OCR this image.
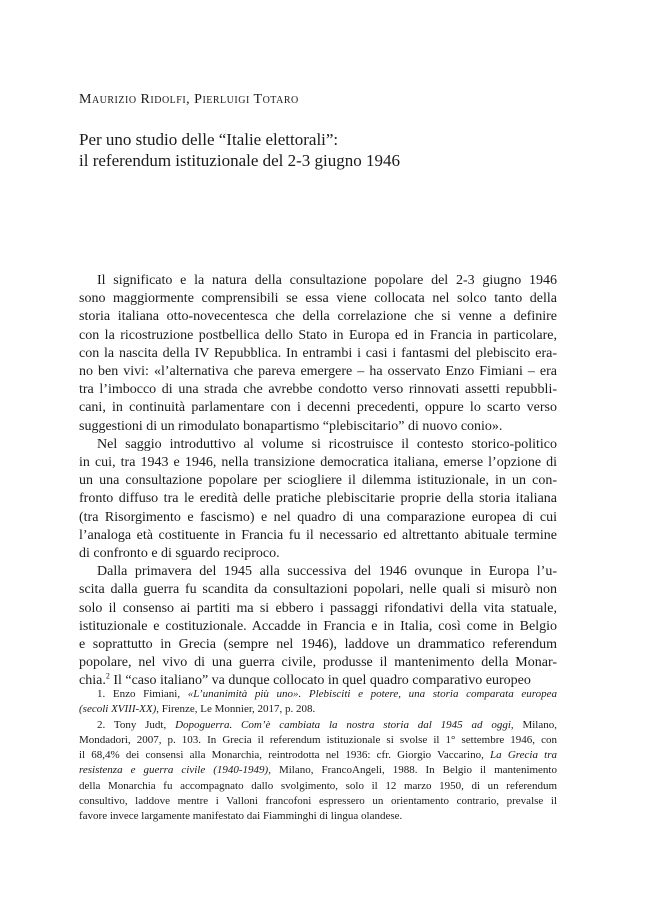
Maurizio Ridolfi, Pierluigi Totaro
Per uno studio delle “Italie elettorali”:
il referendum istituzionale del 2-3 giugno 1946

Il significato e la natura della consultazione popolare del 2-3 giugno 1946
sono maggiormente comprensibili se essa viene collocata nel solco tanto della
storia italiana otto-novecentesca che della correlazione che si venne a definire
con la ricostruzione postbellica dello Stato in Europa ed in Francia in particolare,
con la nascita della IV Repubblica. In entrambi i casi i fantasmi del plebiscito era-
no ben vivi: «l’alternativa che pareva emergere – ha osservato Enzo Fimiani – era
tra l’imbocco di una strada che avrebbe condotto verso rinnovati assetti repubbli-
cani, in continuità parlamentare con i decenni precedenti, oppure lo scarto verso
suggestioni di un rimodulato bonapartismo “plebiscitario” di nuovo conio».

Nel saggio introduttivo al volume si ricostruisce il contesto storico-politico
in cui, tra 1943 e 1946, nella transizione democratica italiana, emerse l’opzione di
un una consultazione popolare per sciogliere il dilemma istituzionale, in un con-
fronto diffuso tra le eredità delle pratiche plebiscitarie proprie della storia italiana
(tra Risorgimento e fascismo) e nel quadro di una comparazione europea di cui
l’analoga età costituente in Francia fu il necessario ed altrettanto abituale termine
di confronto e di sguardo reciproco.

Dalla primavera del 1945 alla successiva del 1946 ovunque in Europa l’u-
scita dalla guerra fu scandita da consultazioni popolari, nelle quali si misurò non
solo il consenso ai partiti ma si ebbero i passaggi rifondativi della vita statuale,
istituzionale e costituzionale. Accadde in Francia e in Italia, così come in Belgio
e soprattutto in Grecia (sempre nel 1946), laddove un drammatico referendum
popolare, nel vivo di una guerra civile, produsse il mantenimento della Monar-
chia.$^2$ Il “caso italiano” va dunque collocato in quel quadro comparativo europeo

1. Enzo Fimiani, «L’unanimità più uno». Plebisciti e potere, una storia comparata europea
(secoli XVIII-XX), Firenze, Le Monnier, 2017, p. 208.
2. Tony Judt, Dopoguerra. Com’è cambiata la nostra storia dal 1945 ad oggi, Milano,
Mondadori, 2007, p. 103. In Grecia il referendum istituzionale si svolse il 1° settembre 1946, con
il 68,4% dei consensi alla Monarchia, reintrodotta nel 1936: cfr. Giorgio Vaccarino, La Grecia tra
resistenza e guerra civile (1940-1949), Milano, FrancoAngeli, 1988. In Belgio il mantenimento
della Monarchia fu accompagnato dallo svolgimento, solo il 12 marzo 1950, di un referendum
consultivo, laddove mentre i Valloni francofoni espressero un orientamento contrario, prevalse il
favore invece largamente manifestato dai Fiamminghi di lingua olandese.
